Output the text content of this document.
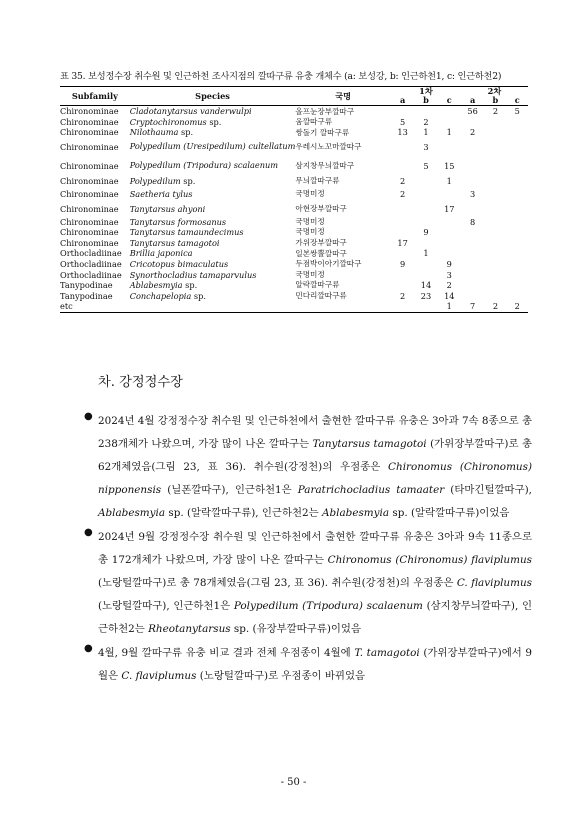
표 35. 보성정수장 취수원 및 인근하천 조사지점의 깔따구류 유충 개체수 (a: 보성강, b: 인근하천1, c: 인근하천2)
Subfamily	Species	국명	1차			2차		
			a	b	c	a	b	c
Chironominae	Cladotanytarsus vanderwulpi	올프눈장부깔따구				56	2	5
Chironominae	Cryptochironomus sp.	움깔따구류	5	2				
Chironominae	Nilothauma sp.	쌍돌기 깔따구류	13	1	1	2		
Chironominae	Polypedilum (Uresipedilum) cultellatum	우레시노꼬마깔따구		3				
Chironominae	Polypedilum (Tripodura) scalaenum	삼지창무늬깔따구		5	15			
Chironominae	Polypedilum sp.	무늬깔따구류	2		1			
Chironominae	Saetheria tylus	국명미정	2			3		
Chironominae	Tanytarsus ahyoni	아현장부깔따구			17			
Chironominae	Tanytarsus formosanus	국명미정				8		
Chironominae	Tanytarsus tamaundecimus	국명미정		9				
Chironominae	Tanytarsus tamagotoi	가위장부깔따구	17					
Orthocladiinae	Brillia japonica	일본쌍뿔깔따구		1				
Orthocladiinae	Cricotopus bimaculatus	두점박이아기깔따구	9		9			
Orthocladiinae	Synorthocladius tamaparvulus	국명미정			3			
Tanypodinae	Ablabesmyia sp.	알락깔따구류		14	2			
Tanypodinae	Conchapelopia sp.	민다리깔따구류	2	23	14			
etc					1	7	2	2
차. 강정정수장
● 2024년 4월 강정정수장 취수원 및 인근하천에서 출현한 깔따구류 유충은 3아과 7속 8종으로 총 238개체가 나왔으며, 가장 많이 나온 깔따구는 Tanytarsus tamagotoi (가위장부깔따구)로 총 62개체였음(그림 23, 표 36). 취수원(강정천)의 우점종은 Chironomus (Chironomus) nipponensis (닐폰깔따구), 인근하천1은 Paratrichocladius tamaater (타마긴털깔따구), Ablabesmyia sp. (알락깔따구류), 인근하천2는 Ablabesmyia sp. (알락깔따구류)이었음

● 2024년 9월 강정정수장 취수원 및 인근하천에서 출현한 깔따구류 유충은 3아과 9속 11종으로 총 172개체가 나왔으며, 가장 많이 나온 깔따구는 Chironomus (Chironomus) flaviplumus (노랑털깔따구)로 총 78개체였음(그림 23, 표 36). 취수원(강정천)의 우점종은 C. flaviplumus (노랑털깔따구), 인근하천1은 Polypedilum (Tripodura) scalaenum (삼지창무늬깔따구), 인근하천2는 Rheotanytarsus sp. (유장부깔따구류)이었음

● 4월, 9월 깔따구류 유충 비교 결과 전체 우점종이 4월에 T. tamagotoi (가위장부깔따구)에서 9월은 C. flaviplumus (노랑털깔따구)로 우점종이 바뀌었음

- 50 -
